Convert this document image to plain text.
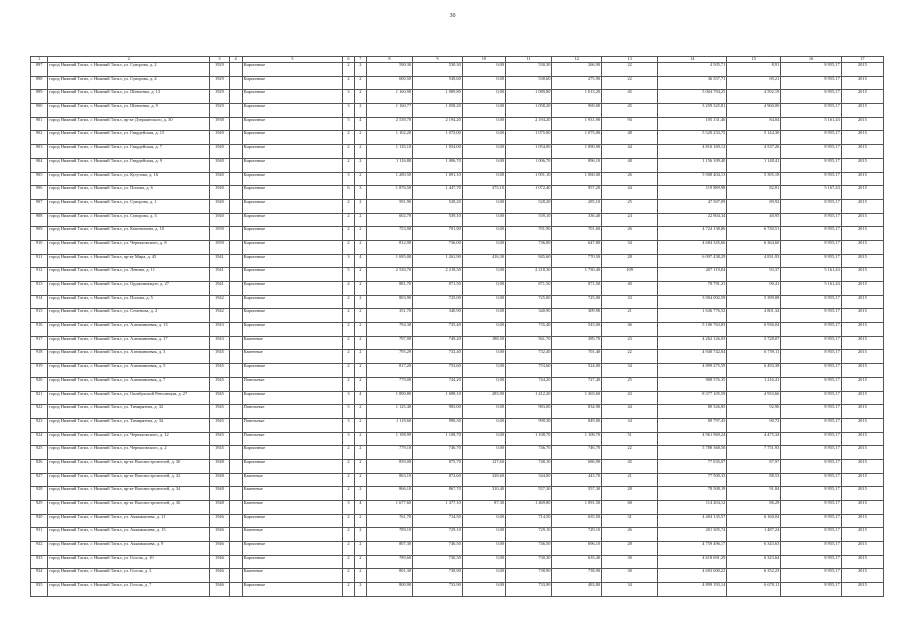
30
1	2	3	4	5	6	7	8	9	10	11	12	13	14	15	16	17
897	город Нижний Тагил, г. Нижний Тагил, ул. Суворова, д. 2	1929		Кирпичные	2	2	590,30	530,30	0,00	530,30	266,90	22	4 505,71	8,91	8 955,17	2015
898	город Нижний Тагил, г. Нижний Тагил, ул. Суворова, д. 4	1929		Кирпичные	2	2	600,50	538,60	0,00	538,60	275,90	22	36 557,71	69,21	8 955,17	2015
899	город Нижний Тагил, г. Нижний Тагил, ул. Шевченко, д. 13	1929		Кирпичные	3	2	1 160,90	1 089,80	0,00	1 089,80	1 013,20	45	5 004 794,25	4 592,19	8 955,17	2015
900	город Нижний Тагил, г. Нижний Тагил, ул. Шевченко, д. 9	1929		Кирпичные	3	2	1 160,77	1 058,20	0,00	1 058,20	969,00	45	3 259 325,81	4 960,00	8 955,17	2015
901	город Нижний Тагил, г. Нижний Тагил, пр-кт Дзержинского, д. 30	1938		Кирпичные	5	4	2 539,70	2 194,20	0,00	2 194,20	1 931,90	94	105 131,46	84,04	5 161,43	2015
902	город Нижний Тагил, г. Нижний Тагил, ул. Гвардейская, д. 15	1940		Кирпичные	2	2	1 102,20	1 075,00	0,00	1 075,00	1 075,00	48	5 520 233,75	5 144,30	8 955,17	2015
903	город Нижний Тагил, г. Нижний Тагил, ул. Гвардейская, д. 7	1940		Кирпичные	2	2	1 135,10	1 054,00	0,00	1 054,00	1 090,90	44	4 816 169,12	4 537,26	8 955,17	2015
904	город Нижний Тагил, г. Нижний Тагил, ул. Гвардейская, д. 9	1940		Кирпичные	2	2	1 116,80	1 006,70	0,00	1 006,70	896,10	48	1 156 109,40	1 148,41	8 955,17	2015
905	город Нижний Тагил, г. Нижний Тагил, ул. Кутузова, д. 16	1940		Кирпичные	3	2	1 280,50	1 091,10	0,00	1 091,10	1 060,00	26	5 908 404,13	5 395,18	8 955,17	2015
906	город Нижний Тагил, г. Нижний Тагил, ул. Попова, д. 6	1940		Кирпичные	6	3	1 876,50	1 447,70	375,10	1 072,40	957,20	44	119 889,98	82,81	5 167,43	2015
907	город Нижний Тагил, г. Нижний Тагил, ул. Суворова, д. 1	1940		Кирпичные	2	2	591,90	528,20	0,00	528,20	285,10	25	47 507,09	89,92	8 955,17	2015
908	город Нижний Тагил, г. Нижний Тагил, ул. Суворова, д. 3	1940		Кирпичные	2	2	602,70	539,10	0,00	539,10	336,40	24	22 804,34	40,95	8 955,17	2015
909	город Нижний Тагил, г. Нижний Тагил, ул. Кошевичева, д. 10	1939		Кирпичные	2	2	753,90	701,90	0,00	701,90	701,60	26	4 724 138,86	6 730,51	8 955,17	2015
910	город Нижний Тагил, г. Нижний Тагил, ул. Черняховского, д. 8	1939		Кирпичные	2	2	812,90	736,00	0,00	736,00	647,80	34	4 684 345,66	6 364,60	8 955,17	2015
911	город Нижний Тагил, г. Нижний Тагил, пр-кт Мира, д. 45	1941		Кирпичные	3	4	1 695,00	1 261,90	416,30	845,60	770,50	28	6 097 438,29	4 831,93	8 955,17	2015
912	город Нижний Тагил, г. Нижний Тагил, ул. Ленина, д. 11	1941		Кирпичные	5	2	2 530,70	2 218,30	0,00	2 218,30	1 730,40	109	207 119,04	93,37	5 161,43	2015
913	город Нижний Тагил, г. Нижний Тагил, ул. Орджоникидзе, д. 27	1941		Кирпичные	4	2	881,70	871,50	0,00	871,50	871,50	40	78 791,21	90,41	5 161,43	2015
914	город Нижний Тагил, г. Нижний Тагил, ул. Попова, д. 5	1942		Кирпичные	2	2	803,90	725,00	0,00	725,00	725,00	33	3 904 002,59	5 399,08	8 955,17	2015
915	город Нижний Тагил, г. Нижний Тагил, ул. Семенова, д. 2	1942		Кирпичные	2	2	351,70	340,90	0,00	340,90	309,90	21	1 636 776,52	4 801,34	8 955,17	2015
916	город Нижний Тагил, г. Нижний Тагил, ул. Алюминиевая, д. 13	1943		Кирпичные	2	2	794,30	735,40	0,00	735,40	543,00	46	5 106 763,83	6 936,04	8 955,17	2015
917	город Нижний Тагил, г. Нижний Тагил, ул. Алюминиевая, д. 17	1943		Каменные	2	2	797,90	749,20	188,50	561,70	389,70	23	4 262 126,03	5 728,07	8 955,17	2015
918	город Нижний Тагил, г. Нижний Тагил, ул. Алюминиевая, д. 3	1945		Каменные	2	2	795,29	732,40	0,00	732,40	701,40	22	4 940 742,04	6 759,11	8 955,17	2015
919	город Нижний Тагил, г. Нижний Тагил, ул. Алюминиевая, д. 5	1945		Кирпичные	2	2	817,20	753,60	0,00	753,60	524,00	34	4 899 275,59	6 493,38	8 955,17	2015
920	город Нижний Тагил, г. Нижний Тагил, ул. Алюминиевая, д. 7	1945		Панельные	2	2	779,00	744,20	0,00	744,20	727,40	25	908 576,35	1 216,41	8 955,17	2015
921	город Нижний Тагил, г. Нижний Тагил, ул. Окгябрьской Революции, д. 27	1945		Кирпичные	3	4	1 890,80	1 698,10	285,90	1 412,20	1 365,60	43	8 377 105,59	4 933,66	8 955,17	2015
922	город Нижний Тагил, г. Нижний Тагил, ул. Тимирязева, д. 32	1945		Панельные	5	2	1 125,40	983,00	0,00	983,00	834,90	44	80 526,85	92,96	8 955,17	2015
923	город Нижний Тагил, г. Нижний Тагил, ул. Тимирязева, д. 34	1945		Панельные	3	2	1 118,60	990,30	0,00	990,30	849,00	34	89 797,43	90,73	8 955,17	2015
924	город Нижний Тагил, г. Нижний Тагил, ул. Черняховского, д. 12	1945		Панельные	3	2	1 198,99	1 108,70	0,00	1 108,70	1 108,70	51	4 961 969,24	4 475,34	8 955,17	2015
925	город Нижний Тагил, г. Нижний Тагил, ул. Черняховского, д. 2	1945		Кирпичные	2	2	779,10	746,70	0,00	746,70	746,70	22	5 788 368,50	7 751,93	8 955,17	2015
926	город Нижний Тагил, г. Нижний Тагил, пр-кт Вагоностроителей, д. 30	1948		Кирпичные	2	2	859,00	875,70	127,60	748,10	686,90	45	77 035,07	87,97	8 955,17	2015
927	город Нижний Тагил, г. Нижний Тагил, пр-кт Вагоностроителей, д. 32	1948		Каменные	2	2	863,10	872,60	328,60	544,00	443,70	21	77 500,33	88,53	8 955,17	2015
928	город Нижний Тагил, г. Нижний Тагил, пр-кт Вагоностроителей, д. 34	1948		Каменные	2	2	866,10	867,70	310,40	557,30	557,30	28	78 508,19	91,84	8 955,17	2015
929	город Нижний Тагил, г. Нижний Тагил, пр-кт Вагоностроителей, д. 36	1948		Каменные	3	4	1 677,60	1 377,10	87,30	1 469,80	1 091,50	68	114 204,12	86,29	8 955,17	2015
930	город Нижний Тагил, г. Нижний Тагил, ул. Аккамышева, д. 11	1946		Кирпичные	2	2	761,70	714,50	0,00	714,50	635,50	31	4 404 135,57	6 160,04	8 955,17	2015
931	город Нижний Тагил, г. Нижний Тагил, ул. Аккамышева, д. 15	1946		Каменные	2	2	789,10	729,10	0,00	729,10	729,10	26	201 305,74	1 487,24	8 955,17	2015
932	город Нижний Тагил, г. Нижний Тагил, ул. Аккамышева, д. 9	1946		Кирпичные	2	2	807,30	746,50	0,00	746,50	696,10	28	4 759 496,17	6 343,63	8 955,17	2015
933	город Нижний Тагил, г. Нижний Тагил, ул. Гоголя, д. 10	1946		Кирпичные	2	2	789,60	730,30	0,00	730,30	635,40	30	4 618 691,29	6 323,64	8 955,17	2015
934	город Нижний Тагил, г. Нижний Тагил, ул. Гоголя, д. 3	1946		Каменные	2	2	801,30	738,90	0,00	738,90	738,90	30	4 693 600,22	6 352,23	8 955,17	2015
935	город Нижний Тагил, г. Нижний Тагил, ул. Гоголя, д. 7	1946		Кирпичные	2	2	800,90	733,90	0,00	733,90	483,80	34	4 899 193,14	6 670,11	8 955,17	2015
